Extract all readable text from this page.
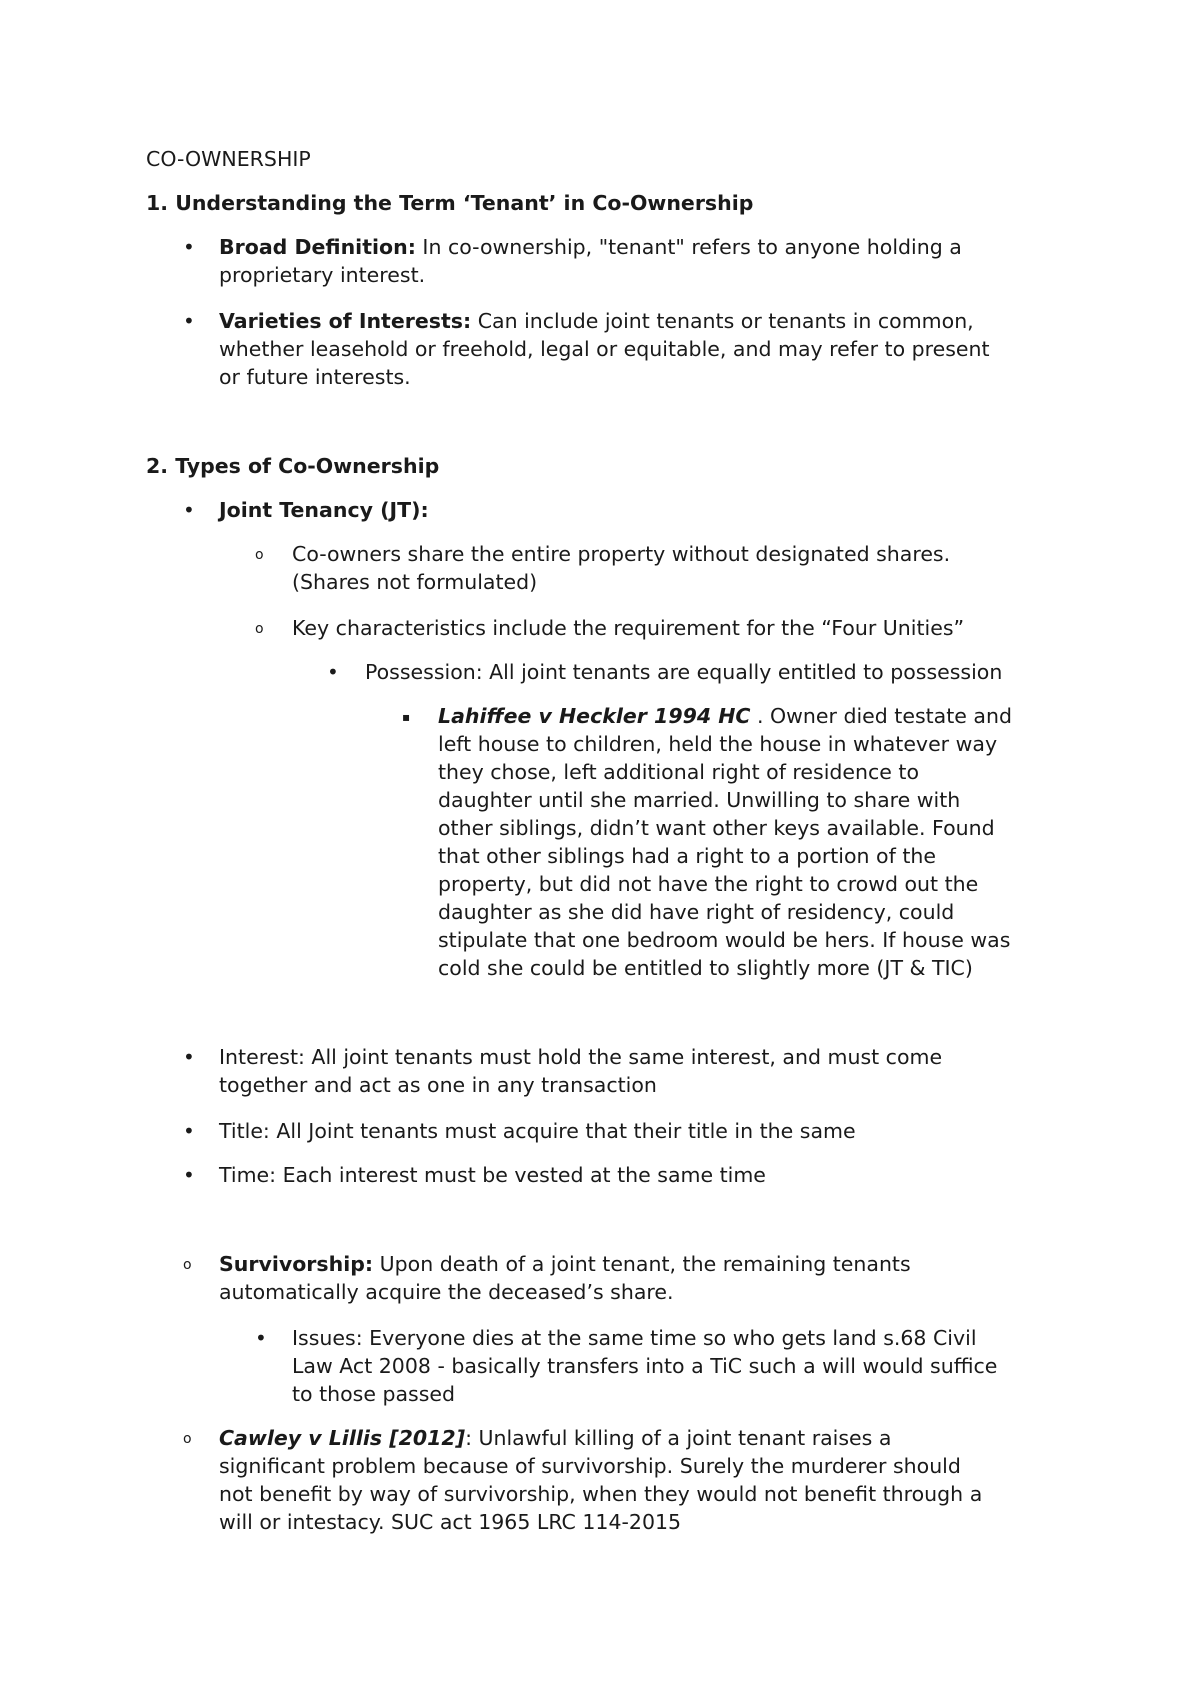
CO-OWNERSHIP
1. Understanding the Term ‘Tenant’ in Co-Ownership
• Broad Definition: In co-ownership, "tenant" refers to anyone holding a
proprietary interest.
• Varieties of Interests: Can include joint tenants or tenants in common,
whether leasehold or freehold, legal or equitable, and may refer to present
or future interests.
2. Types of Co-Ownership
• Joint Tenancy (JT):
o Co-owners share the entire property without designated shares.
(Shares not formulated)
o Key characteristics include the requirement for the “Four Unities”
• Possession: All joint tenants are equally entitled to possession
▪ Lahiffee v Heckler 1994 HC . Owner died testate and
left house to children, held the house in whatever way
they chose, left additional right of residence to
daughter until she married. Unwilling to share with
other siblings, didn’t want other keys available. Found
that other siblings had a right to a portion of the
property, but did not have the right to crowd out the
daughter as she did have right of residency, could
stipulate that one bedroom would be hers. If house was
cold she could be entitled to slightly more (JT & TIC)
• Interest: All joint tenants must hold the same interest, and must come
together and act as one in any transaction
• Title: All Joint tenants must acquire that their title in the same
• Time: Each interest must be vested at the same time
o Survivorship: Upon death of a joint tenant, the remaining tenants
automatically acquire the deceased’s share.
• Issues: Everyone dies at the same time so who gets land s.68 Civil
Law Act 2008 - basically transfers into a TiC such a will would suffice
to those passed
o Cawley v Lillis [2012]: Unlawful killing of a joint tenant raises a
significant problem because of survivorship. Surely the murderer should
not benefit by way of survivorship, when they would not benefit through a
will or intestacy. SUC act 1965 LRC 114-2015
